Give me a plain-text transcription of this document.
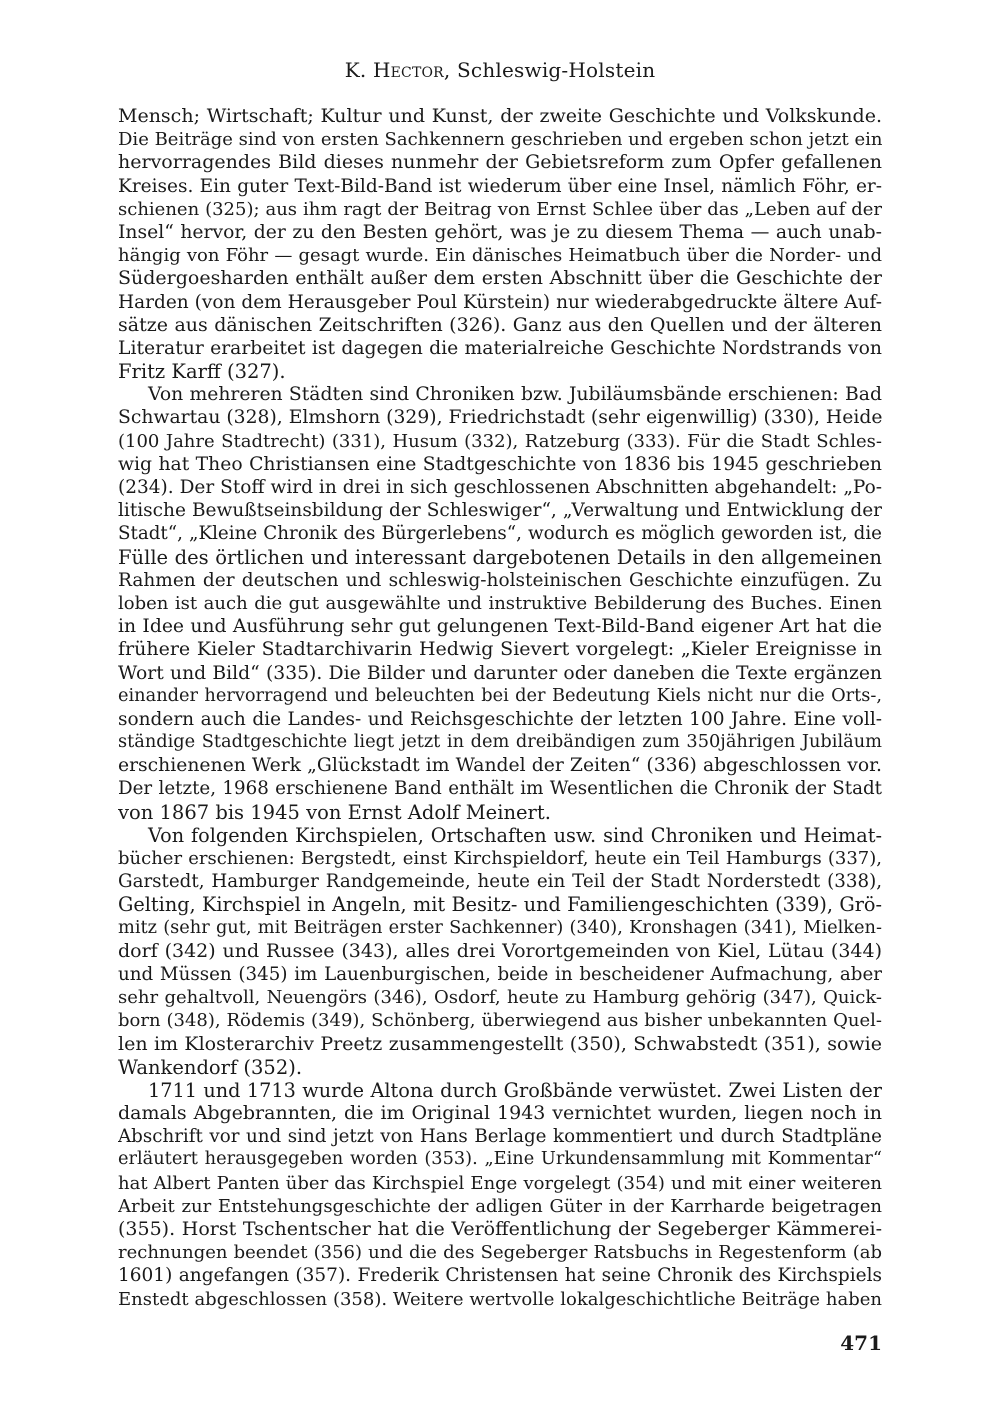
K. Hector, Schleswig-Holstein
Mensch; Wirtschaft; Kultur und Kunst, der zweite Geschichte und Volkskunde.
Die Beiträge sind von ersten Sachkennern geschrieben und ergeben schon jetzt ein
hervorragendes Bild dieses nunmehr der Gebietsreform zum Opfer gefallenen
Kreises. Ein guter Text-Bild-Band ist wiederum über eine Insel, nämlich Föhr, er-
schienen (325); aus ihm ragt der Beitrag von Ernst Schlee über das „Leben auf der
Insel“ hervor, der zu den Besten gehört, was je zu diesem Thema — auch unab-
hängig von Föhr — gesagt wurde. Ein dänisches Heimatbuch über die Norder- und
Südergoesharden enthält außer dem ersten Abschnitt über die Geschichte der
Harden (von dem Herausgeber Poul Kürstein) nur wiederabgedruckte ältere Auf-
sätze aus dänischen Zeitschriften (326). Ganz aus den Quellen und der älteren
Literatur erarbeitet ist dagegen die materialreiche Geschichte Nordstrands von
Fritz Karff (327).
Von mehreren Städten sind Chroniken bzw. Jubiläumsbände erschienen: Bad
Schwartau (328), Elmshorn (329), Friedrichstadt (sehr eigenwillig) (330), Heide
(100 Jahre Stadtrecht) (331), Husum (332), Ratzeburg (333). Für die Stadt Schles-
wig hat Theo Christiansen eine Stadtgeschichte von 1836 bis 1945 geschrieben
(234). Der Stoff wird in drei in sich geschlossenen Abschnitten abgehandelt: „Po-
litische Bewußtseinsbildung der Schleswiger“, „Verwaltung und Entwicklung der
Stadt“, „Kleine Chronik des Bürgerlebens“, wodurch es möglich geworden ist, die
Fülle des örtlichen und interessant dargebotenen Details in den allgemeinen
Rahmen der deutschen und schleswig-holsteinischen Geschichte einzufügen. Zu
loben ist auch die gut ausgewählte und instruktive Bebilderung des Buches. Einen
in Idee und Ausführung sehr gut gelungenen Text-Bild-Band eigener Art hat die
frühere Kieler Stadtarchivarin Hedwig Sievert vorgelegt: „Kieler Ereignisse in
Wort und Bild“ (335). Die Bilder und darunter oder daneben die Texte ergänzen
einander hervorragend und beleuchten bei der Bedeutung Kiels nicht nur die Orts-,
sondern auch die Landes- und Reichsgeschichte der letzten 100 Jahre. Eine voll-
ständige Stadtgeschichte liegt jetzt in dem dreibändigen zum 350jährigen Jubiläum
erschienenen Werk „Glückstadt im Wandel der Zeiten“ (336) abgeschlossen vor.
Der letzte, 1968 erschienene Band enthält im Wesentlichen die Chronik der Stadt
von 1867 bis 1945 von Ernst Adolf Meinert.
Von folgenden Kirchspielen, Ortschaften usw. sind Chroniken und Heimat-
bücher erschienen: Bergstedt, einst Kirchspieldorf, heute ein Teil Hamburgs (337),
Garstedt, Hamburger Randgemeinde, heute ein Teil der Stadt Norderstedt (338),
Gelting, Kirchspiel in Angeln, mit Besitz- und Familiengeschichten (339), Grö-
mitz (sehr gut, mit Beiträgen erster Sachkenner) (340), Kronshagen (341), Mielken-
dorf (342) und Russee (343), alles drei Vorortgemeinden von Kiel, Lütau (344)
und Müssen (345) im Lauenburgischen, beide in bescheidener Aufmachung, aber
sehr gehaltvoll, Neuengörs (346), Osdorf, heute zu Hamburg gehörig (347), Quick-
born (348), Rödemis (349), Schönberg, überwiegend aus bisher unbekannten Quel-
len im Klosterarchiv Preetz zusammengestellt (350), Schwabstedt (351), sowie
Wankendorf (352).
1711 und 1713 wurde Altona durch Großbände verwüstet. Zwei Listen der
damals Abgebrannten, die im Original 1943 vernichtet wurden, liegen noch in
Abschrift vor und sind jetzt von Hans Berlage kommentiert und durch Stadtpläne
erläutert herausgegeben worden (353). „Eine Urkundensammlung mit Kommentar“
hat Albert Panten über das Kirchspiel Enge vorgelegt (354) und mit einer weiteren
Arbeit zur Entstehungsgeschichte der adligen Güter in der Karrharde beigetragen
(355). Horst Tschentscher hat die Veröffentlichung der Segeberger Kämmerei-
rechnungen beendet (356) und die des Segeberger Ratsbuchs in Regestenform (ab
1601) angefangen (357). Frederik Christensen hat seine Chronik des Kirchspiels
Enstedt abgeschlossen (358). Weitere wertvolle lokalgeschichtliche Beiträge haben
471
